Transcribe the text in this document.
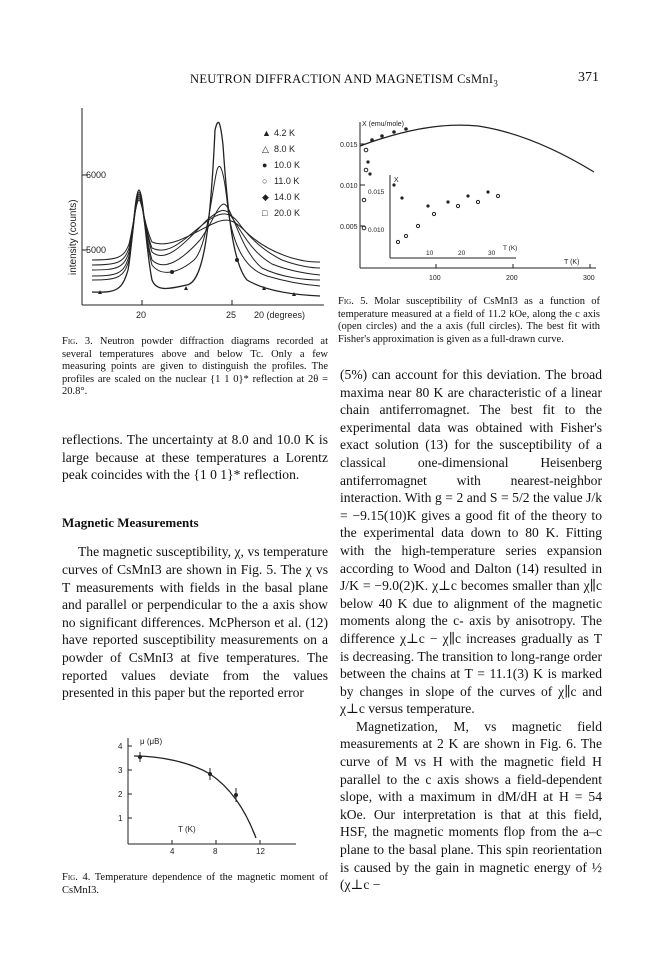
NEUTRON DIFFRACTION AND MAGNETISM CsMnI$_3$	371
intensity (counts)
6000
5000
20	25 20 (degrees)
▲ 4.2 K
△ 8.0 K
● 10.0 K
○ 11.0 K
◆ 14.0 K
□ 20.0 K
Fig. 3. Neutron powder diffraction diagrams recorded at several temperatures above and below Tc. Only a few measuring points are given to distinguish the profiles. The profiles are scaled on the nuclear {1 1 0}* reflection at 2θ = 20.8°.
X (emu/mole)
0.015
0.010
0.005
100	200	300
T (K)
X
0.015
0.010
10	20	30
T (K)
Fig. 5. Molar susceptibility of CsMnI3 as a function of temperature measured at a field of 11.2 kOe, along the c axis (open circles) and the a axis (full circles). The best fit with Fisher's approximation is given as a full-drawn curve.

reflections. The uncertainty at 8.0 and 10.0 K is large because at these temperatures a Lorentz peak coincides with the {1 0 1}* reflection.

Magnetic Measurements

The magnetic susceptibility, χ, vs temperature curves of CsMnI3 are shown in Fig. 5. The χ vs T measurements with fields in the basal plane and parallel or perpendicular to the a axis show no significant differences. McPherson et al. (12) have reported susceptibility measurements on a powder of CsMnI3 at five temperatures. The reported values deviate from the values presented in this paper but the reported error

μ (μB)
4
3
2
1
4	8	12
T (K)
Fig. 4. Temperature dependence of the magnetic moment of CsMnI3.

(5%) can account for this deviation. The broad maxima near 80 K are characteristic of a linear chain antiferromagnet. The best fit to the experimental data was obtained with Fisher's exact solution (13) for the susceptibility of a classical one-dimensional Heisenberg antiferromagnet with nearest-neighbor interaction. With g = 2 and S = 5/2 the value J/k = −9.15(10)K gives a good fit of the theory to the experimental data down to 80 K. Fitting with the high-temperature series expansion according to Wood and Dalton (14) resulted in J/K = −9.0(2)K. χ⊥c becomes smaller than χ∥c below 40 K due to alignment of the magnetic moments along the c- axis by anisotropy. The difference χ⊥c − χ∥c increases gradually as T is decreasing. The transition to long-range order between the chains at T = 11.1(3) K is marked by changes in slope of the curves of χ∥c and χ⊥c versus temperature.

Magnetization, M, vs magnetic field measurements at 2 K are shown in Fig. 6. The curve of M vs H with the magnetic field H parallel to the c axis shows a field-dependent slope, with a maximum in dM/dH at H = 54 kOe. Our interpretation is that at this field, HSF, the magnetic moments flop from the a–c plane to the basal plane. This spin reorientation is caused by the gain in magnetic energy of ½ (χ⊥c −
